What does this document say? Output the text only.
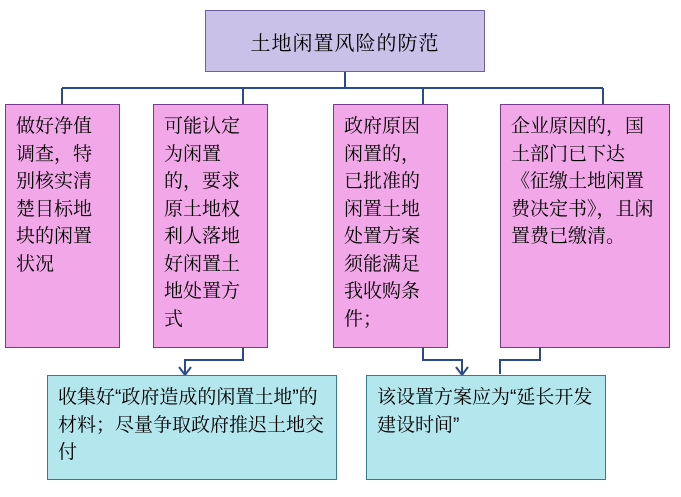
土地闲置风险的防范
做好净值调查，特别核实清楚目标地块的闲置状况
可能认定为闲置的，要求原土地权利人落地好闲置土地处置方式
政府原因闲置的，已批准的闲置土地处置方案须能满足我收购条件；
企业原因的，国土部门已下达《征缴土地闲置费决定书》，且闲置费已缴清。
收集好“政府造成的闲置土地”的材料；尽量争取政府推迟土地交付
该设置方案应为“延长开发建设时间”
